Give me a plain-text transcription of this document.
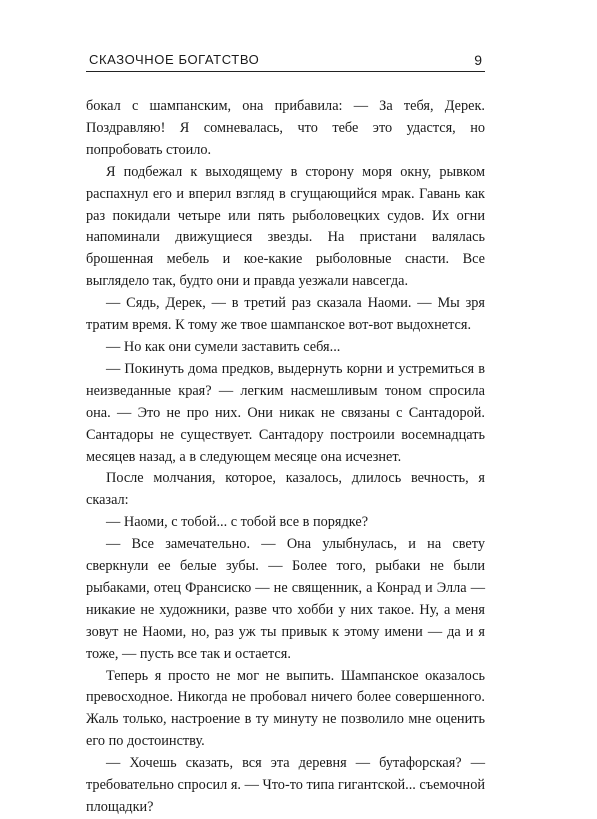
СКАЗОЧНОЕ БОГАТСТВО	9

бокал с шампанским, она прибавила: — За тебя, Дерек. Поздравляю! Я сомневалась, что тебе это удастся, но попробовать стоило.

Я подбежал к выходящему в сторону моря окну, рывком распахнул его и вперил взгляд в сгущающийся мрак. Гавань как раз покидали четыре или пять рыболовецких судов. Их огни напоминали движущиеся звезды. На пристани валялась брошенная мебель и кое-какие рыболовные снасти. Все выглядело так, будто они и правда уезжали навсегда.

— Сядь, Дерек, — в третий раз сказала Наоми. — Мы зря тратим время. К тому же твое шампанское вот-вот выдохнется.

— Но как они сумели заставить себя...

— Покинуть дома предков, выдернуть корни и устремиться в неизведанные края? — легким насмешливым тоном спросила она. — Это не про них. Они никак не связаны с Сантадорой. Сантадоры не существует. Сантадору построили восемнадцать месяцев назад, а в следующем месяце она исчезнет.

После молчания, которое, казалось, длилось вечность, я сказал:

— Наоми, с тобой... с тобой все в порядке?

— Все замечательно. — Она улыбнулась, и на свету сверкнули ее белые зубы. — Более того, рыбаки не были рыбаками, отец Франсиско — не священник, а Конрад и Элла — никакие не художники, разве что хобби у них такое. Ну, а меня зовут не Наоми, но, раз уж ты привык к этому имени — да и я тоже, — пусть все так и остается.

Теперь я просто не мог не выпить. Шампанское оказалось превосходное. Никогда не пробовал ничего более совершенного. Жаль только, настроение в ту минуту не позволило мне оценить его по достоинству.

— Хочешь сказать, вся эта деревня — бутафорская? — требовательно спросил я. — Что-то типа гигантской... съемочной площадки?
